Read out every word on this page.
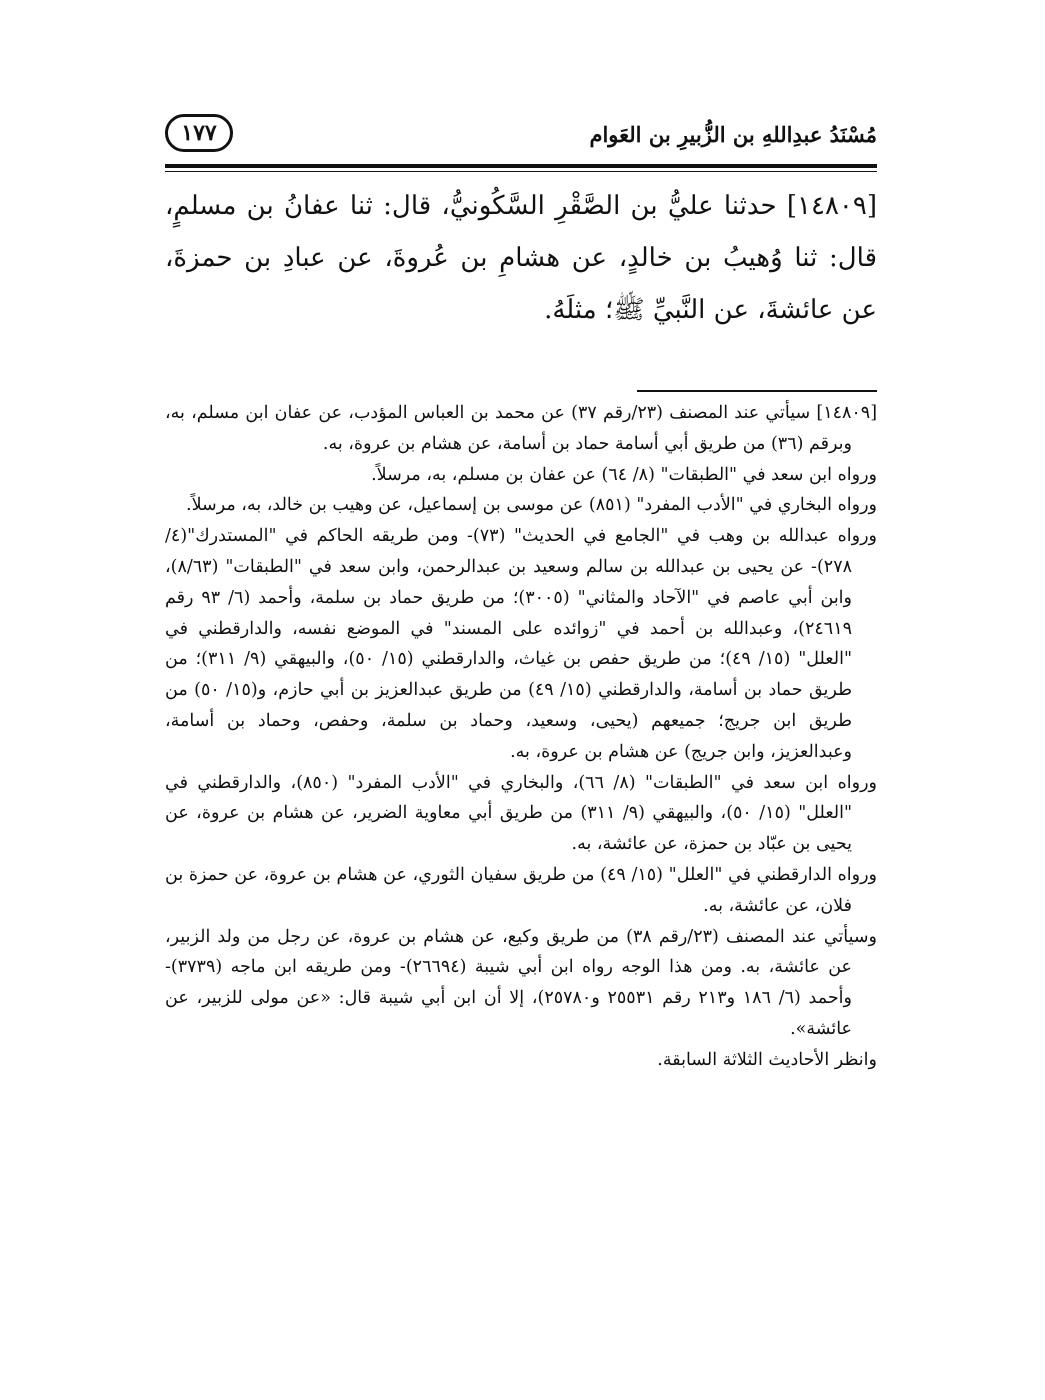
١٧٧	مُسْنَدُ عبدِاللهِ بن الزُّبيرِ بن العَوام
[١٤٨٠٩] حدثنا عليُّ بن الصَّقْرِ السَّكُونيُّ، قال: ثنا عفانُ بن مسلمٍ، قال: ثنا وُهيبُ بن خالدٍ، عن هشامِ بن عُروةَ، عن عبادِ بن حمزةَ، عن عائشةَ، عن النَّبيِّ ﷺ؛ مثلَهُ.

[١٤٨٠٩] سيأتي عند المصنف (٢٣/رقم ٣٧) عن محمد بن العباس المؤدب، عن عفان ابن مسلم، به، وبرقم (٣٦) من طريق أبي أسامة حماد بن أسامة، عن هشام بن عروة، به.

ورواه ابن سعد في "الطبقات" (٨/ ٦٤) عن عفان بن مسلم، به، مرسلاً.

ورواه البخاري في "الأدب المفرد" (٨٥١) عن موسى بن إسماعيل، عن وهيب بن خالد، به، مرسلاً.

ورواه عبدالله بن وهب في "الجامع في الحديث" (٧٣)- ومن طريقه الحاكم في "المستدرك"(٤/ ٢٧٨)- عن يحيى بن عبدالله بن سالم وسعيد بن عبدالرحمن، وابن سعد في "الطبقات" (٨/٦٣)، وابن أبي عاصم في "الآحاد والمثاني" (٣٠٠٥)؛ من طريق حماد بن سلمة، وأحمد (٦/ ٩٣ رقم ٢٤٦١٩)، وعبدالله بن أحمد في "زوائده على المسند" في الموضع نفسه، والدارقطني في "العلل" (١٥/ ٤٩)؛ من طريق حفص بن غياث، والدارقطني (١٥/ ٥٠)، والبيهقي (٩/ ٣١١)؛ من طريق حماد بن أسامة، والدارقطني (١٥/ ٤٩) من طريق عبدالعزيز بن أبي حازم، و(١٥/ ٥٠) من طريق ابن جريج؛ جميعهم (يحيى، وسعيد، وحماد بن سلمة، وحفص، وحماد بن أسامة، وعبدالعزيز، وابن جريج) عن هشام بن عروة، به.

ورواه ابن سعد في "الطبقات" (٨/ ٦٦)، والبخاري في "الأدب المفرد" (٨٥٠)، والدارقطني في "العلل" (١٥/ ٥٠)، والبيهقي (٩/ ٣١١) من طريق أبي معاوية الضرير، عن هشام بن عروة، عن يحيى بن عبّاد بن حمزة، عن عائشة، به.

ورواه الدارقطني في "العلل" (١٥/ ٤٩) من طريق سفيان الثوري، عن هشام بن عروة، عن حمزة بن فلان، عن عائشة، به.

وسيأتي عند المصنف (٢٣/رقم ٣٨) من طريق وكيع، عن هشام بن عروة، عن رجل من ولد الزبير، عن عائشة، به. ومن هذا الوجه رواه ابن أبي شيبة (٢٦٦٩٤)- ومن طريقه ابن ماجه (٣٧٣٩)- وأحمد (٦/ ١٨٦ و٢١٣ رقم ٢٥٥٣١ و٢٥٧٨٠)، إلا أن ابن أبي شيبة قال: «عن مولى للزبير، عن عائشة».

وانظر الأحاديث الثلاثة السابقة.
